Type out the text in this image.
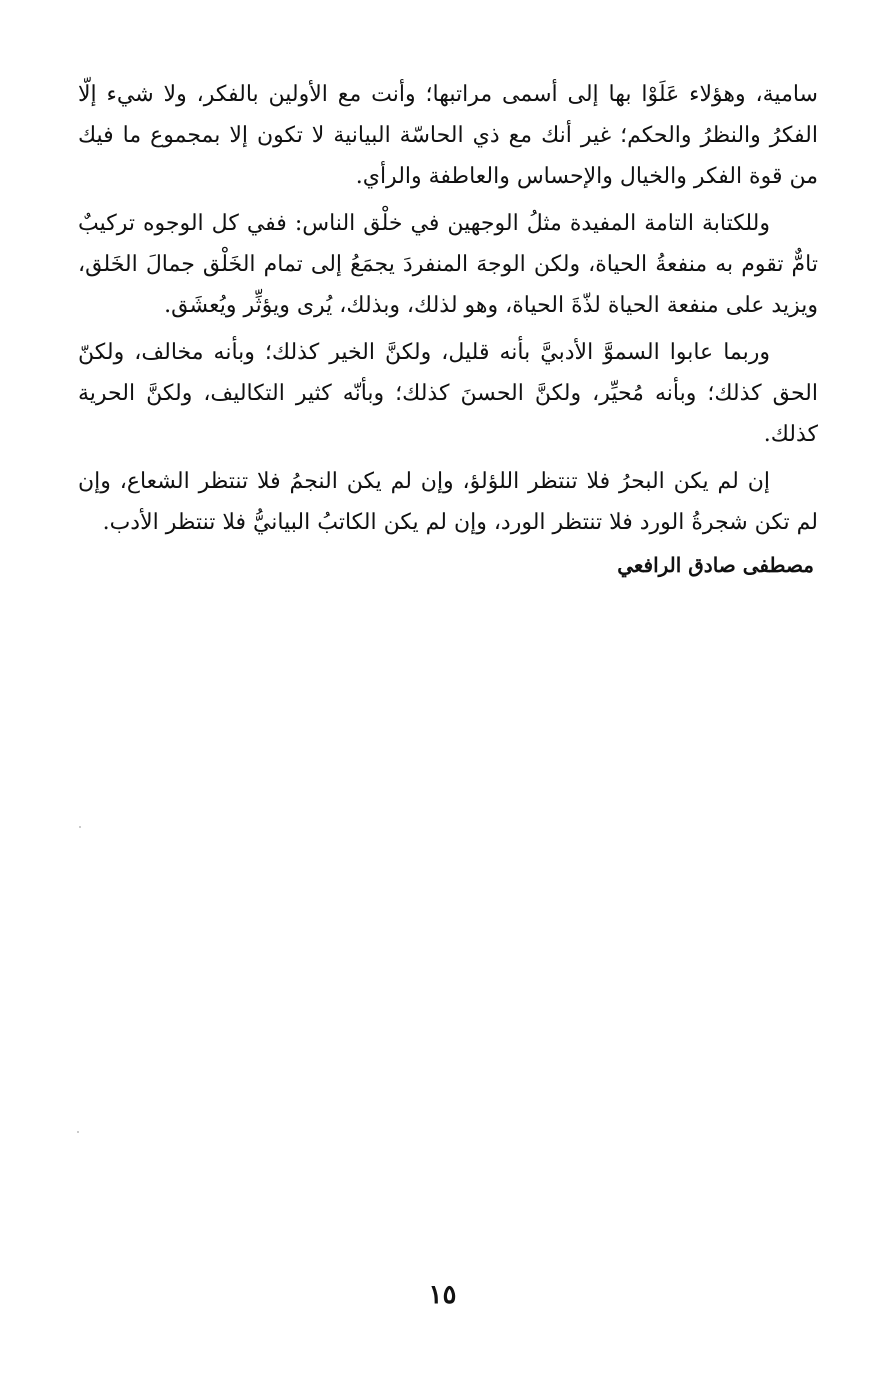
سامية، وهؤلاء عَلَوْا بها إلى أسمى مراتبها؛ وأنت مع الأولين بالفكر، ولا شيء إلّا الفكرُ والنظرُ والحكم؛ غير أنك مع ذي الحاسّة البيانية لا تكون إلا بمجموع ما فيك من قوة الفكر والخيال والإحساس والعاطفة والرأي.

وللكتابة التامة المفيدة مثلُ الوجهين في خلْق الناس: ففي كل الوجوه تركيبٌ تامٌّ تقوم به منفعةُ الحياة، ولكن الوجهَ المنفردَ يجمَعُ إلى تمام الخَلْق جمالَ الخَلق، ويزيد على منفعة الحياة لذّةَ الحياة، وهو لذلك، وبذلك، يُرى ويؤثِّر ويُعشَق.

وربما عابوا السموَّ الأدبيَّ بأنه قليل، ولكنَّ الخير كذلك؛ وبأنه مخالف، ولكنّ الحق كذلك؛ وبأنه مُحيِّر، ولكنَّ الحسنَ كذلك؛ وبأنّه كثير التكاليف، ولكنَّ الحرية كذلك.

إن لم يكن البحرُ فلا تنتظر اللؤلؤ، وإن لم يكن النجمُ فلا تنتظر الشعاع، وإن لم تكن شجرةُ الورد فلا تنتظر الورد، وإن لم يكن الكاتبُ البيانيُّ فلا تنتظر الأدب.

مصطفى صادق الرافعي
١٥
